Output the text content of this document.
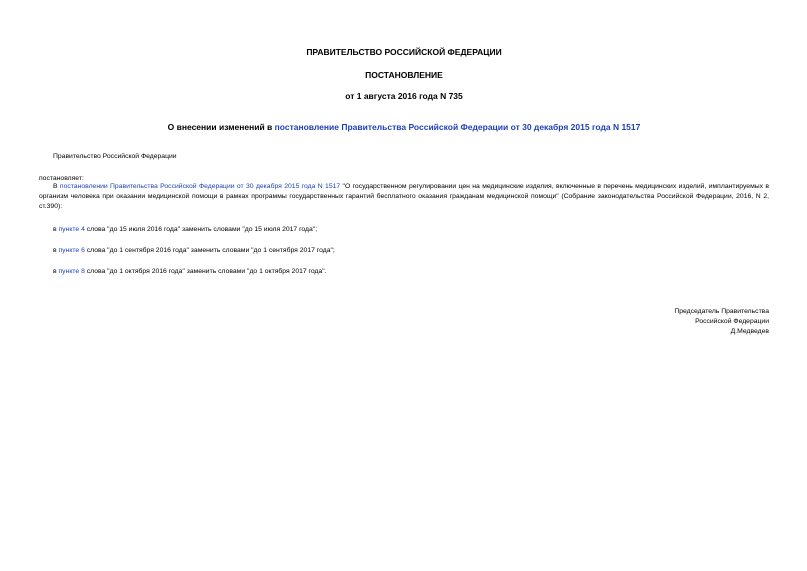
ПРАВИТЕЛЬСТВО РОССИЙСКОЙ ФЕДЕРАЦИИ
ПОСТАНОВЛЕНИЕ
от 1 августа 2016 года N 735
О внесении изменений в постановление Правительства Российской Федерации от 30 декабря 2015 года N 1517
Правительство Российской Федерации
постановляет:
В постановлении Правительства Российской Федерации от 30 декабря 2015 года N 1517 "О государственном регулировании цен на медицинские изделия, включенные в перечень медицинских изделий, имплантируемых в организм человека при оказании медицинской помощи в рамках программы государственных гарантий бесплатного оказания гражданам медицинской помощи" (Собрание законодательства Российской Федерации, 2016, N 2, ст.390):
в пункте 4 слова "до 15 июля 2016 года" заменить словами "до 15 июля 2017 года";
в пункте 6 слова "до 1 сентября 2016 года" заменить словами "до 1 сентября 2017 года";
в пункте 8 слова "до 1 октября 2016 года" заменить словами "до 1 октября 2017 года".
Председатель Правительства
Российской Федерации
Д.Медведев
